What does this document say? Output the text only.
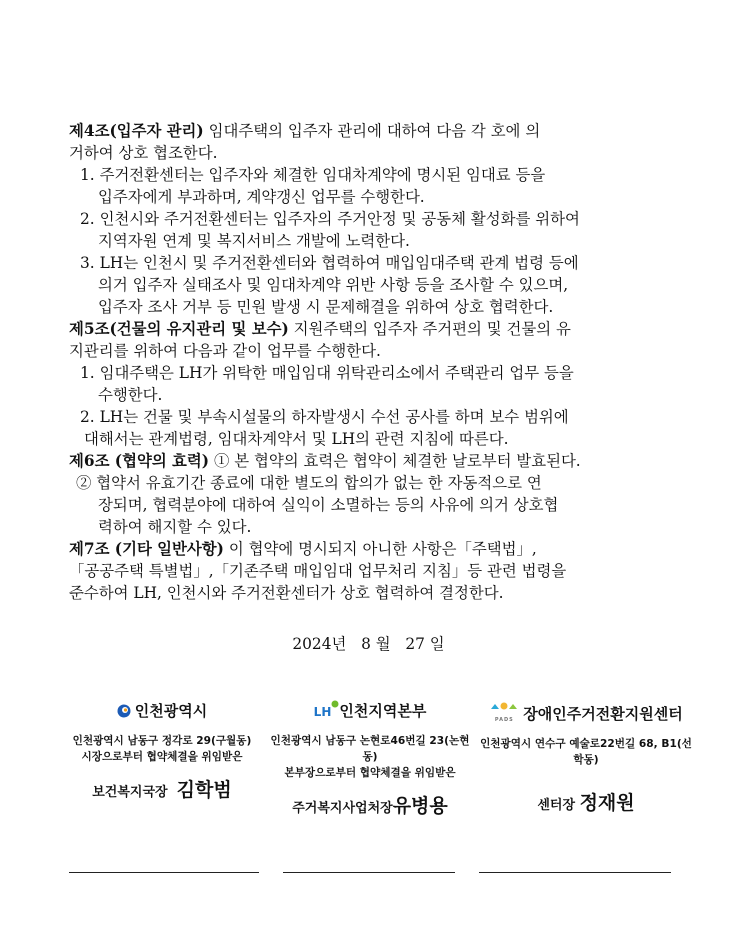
제4조(입주자 관리) 임대주택의 입주자 관리에 대하여 다음 각 호에 의
거하여 상호 협조한다.
1. 주거전환센터는 입주자와 체결한 임대차계약에 명시된 임대료 등을
입주자에게 부과하며, 계약갱신 업무를 수행한다.
2. 인천시와 주거전환센터는 입주자의 주거안정 및 공동체 활성화를 위하여
지역자원 연계 및 복지서비스 개발에 노력한다.
3. LH는 인천시 및 주거전환센터와 협력하여 매입임대주택 관계 법령 등에
의거 입주자 실태조사 및 임대차계약 위반 사항 등을 조사할 수 있으며,
입주자 조사 거부 등 민원 발생 시 문제해결을 위하여 상호 협력한다.
제5조(건물의 유지관리 및 보수) 지원주택의 입주자 주거편의 및 건물의 유
지관리를 위하여 다음과 같이 업무를 수행한다.
1. 임대주택은 LH가 위탁한 매입임대 위탁관리소에서 주택관리 업무 등을
수행한다.
2. LH는 건물 및 부속시설물의 하자발생시 수선 공사를 하며 보수 범위에
대해서는 관계법령, 임대차계약서 및 LH의 관련 지침에 따른다.
제6조 (협약의 효력) ① 본 협약의 효력은 협약이 체결한 날로부터 발효된다.
② 협약서 유효기간 종료에 대한 별도의 합의가 없는 한 자동적으로 연
장되며, 협력분야에 대하여 실익이 소멸하는 등의 사유에 의거 상호협
력하여 해지할 수 있다.
제7조 (기타 일반사항) 이 협약에 명시되지 아니한 사항은「주택법」,
「공공주택 특별법」,「기존주택 매입임대 업무처리 지침」등 관련 법령을
준수하여 LH, 인천시와 주거전환센터가 상호 협력하여 결정한다.
2024년 8 월 27 일
인천광역시
인천광역시 남동구 정각로 29(구월동)
시장으로부터 협약체결을 위임받은
보건복지국장 김학범
LH 인천지역본부
인천광역시 남동구 논현로46번길 23(논현동)
본부장으로부터 협약체결을 위임받은
주거복지사업처장유병용

PADS 장애인주거전환지원센터
인천광역시 연수구 예술로22번길 68, B1(선학동)
센터장 정재원
